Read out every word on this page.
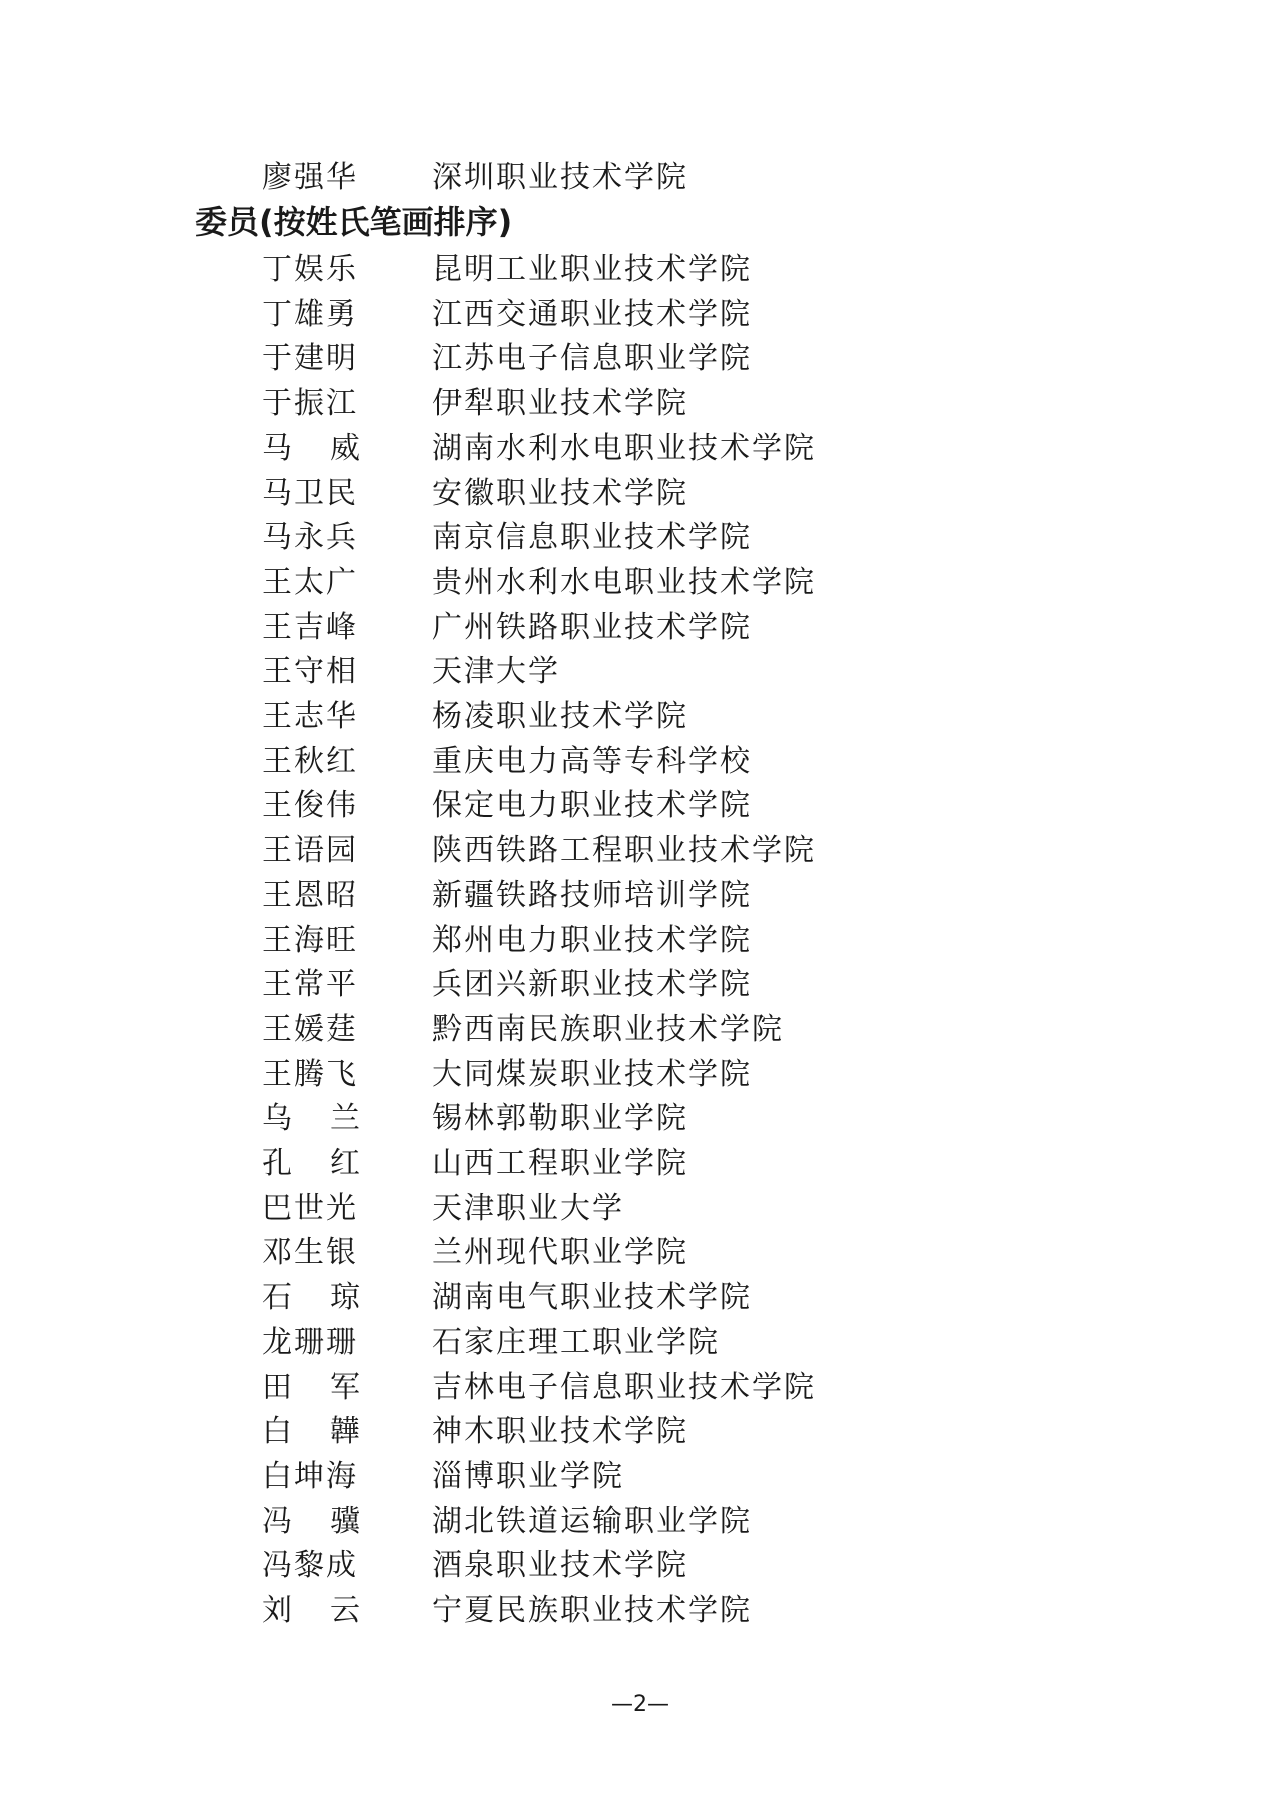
廖强华 深圳职业技术学院
委员(按姓氏笔画排序)
丁娱乐 昆明工业职业技术学院
丁雄勇 江西交通职业技术学院
于建明 江苏电子信息职业学院
于振江 伊犁职业技术学院
马 威 湖南水利水电职业技术学院
马卫民 安徽职业技术学院
马永兵 南京信息职业技术学院
王太广 贵州水利水电职业技术学院
王吉峰 广州铁路职业技术学院
王守相 天津大学
王志华 杨凌职业技术学院
王秋红 重庆电力高等专科学校
王俊伟 保定电力职业技术学院
王语园 陕西铁路工程职业技术学院
王恩昭 新疆铁路技师培训学院
王海旺 郑州电力职业技术学院
王常平 兵团兴新职业技术学院
王媛莛 黔西南民族职业技术学院
王腾飞 大同煤炭职业技术学院
乌 兰 锡林郭勒职业学院
孔 红 山西工程职业学院
巴世光 天津职业大学
邓生银 兰州现代职业学院
石 琼 湖南电气职业技术学院
龙珊珊 石家庄理工职业学院
田 军 吉林电子信息职业技术学院
白 韡 神木职业技术学院
白坤海 淄博职业学院
冯 骥 湖北铁道运输职业学院
冯黎成 酒泉职业技术学院
刘 云 宁夏民族职业技术学院
—2—
